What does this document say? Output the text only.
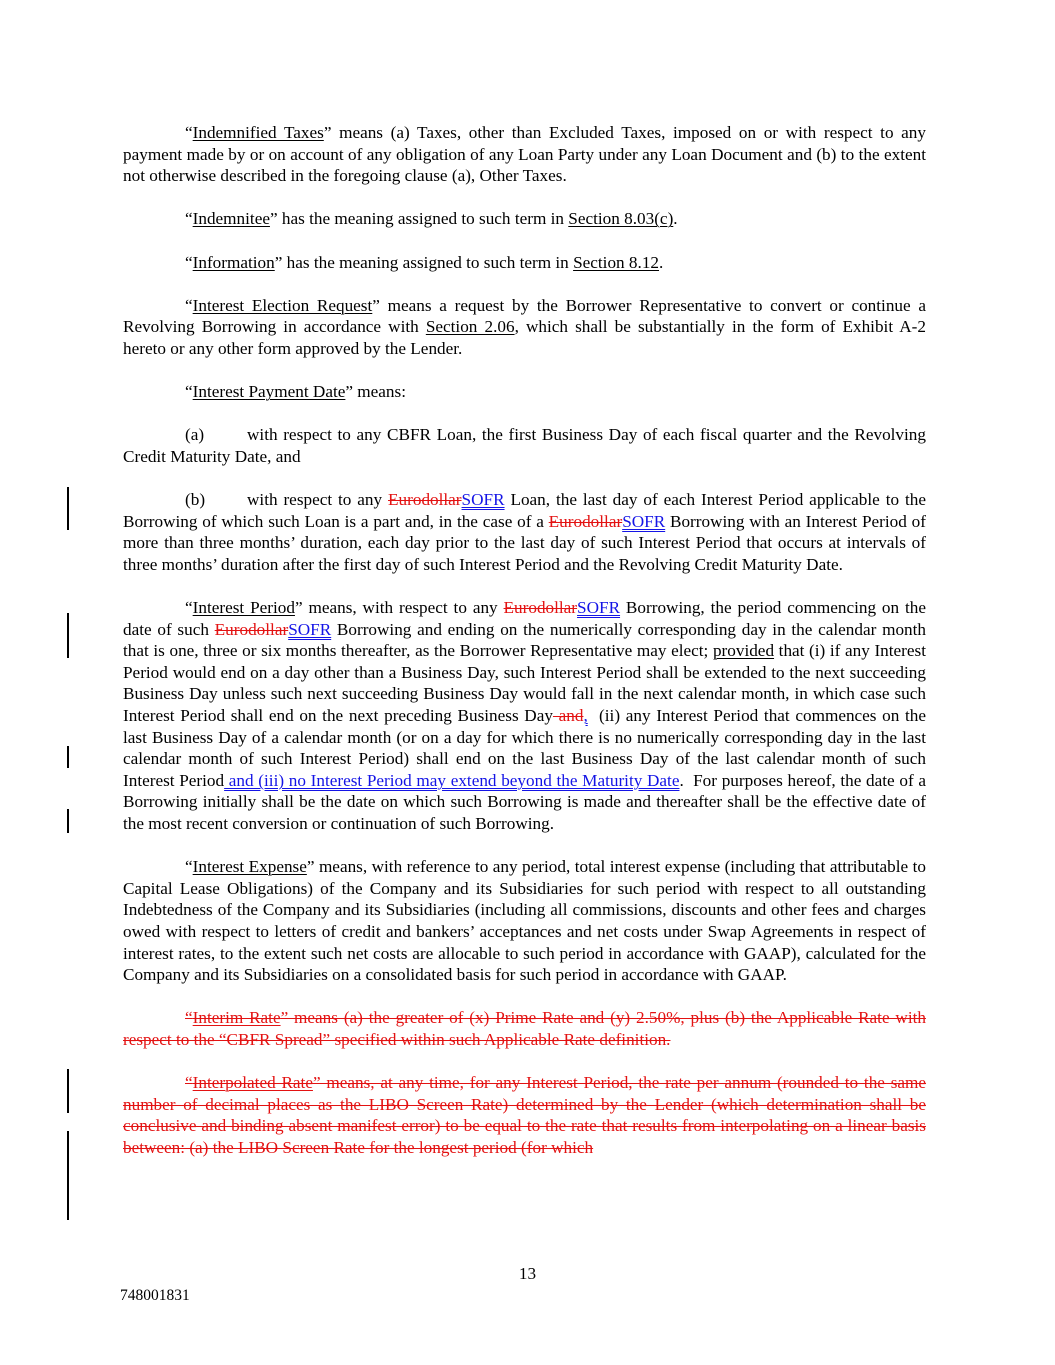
“Indemnified Taxes” means (a) Taxes, other than Excluded Taxes, imposed on or with respect to any payment made by or on account of any obligation of any Loan Party under any Loan Document and (b) to the extent not otherwise described in the foregoing clause (a), Other Taxes.

“Indemnitee” has the meaning assigned to such term in Section 8.03(c).

“Information” has the meaning assigned to such term in Section 8.12.

“Interest Election Request” means a request by the Borrower Representative to convert or continue a Revolving Borrowing in accordance with Section 2.06, which shall be substantially in the form of Exhibit A-2 hereto or any other form approved by the Lender.

“Interest Payment Date” means:

(a) with respect to any CBFR Loan, the first Business Day of each fiscal quarter and the Revolving Credit Maturity Date, and

(b) with respect to any EurodollarSOFR Loan, the last day of each Interest Period applicable to the Borrowing of which such Loan is a part and, in the case of a EurodollarSOFR Borrowing with an Interest Period of more than three months’ duration, each day prior to the last day of such Interest Period that occurs at intervals of three months’ duration after the first day of such Interest Period and the Revolving Credit Maturity Date.

“Interest Period” means, with respect to any EurodollarSOFR Borrowing, the period commencing on the date of such EurodollarSOFR Borrowing and ending on the numerically corresponding day in the calendar month that is one, three or six months thereafter, as the Borrower Representative may elect; provided that (i) if any Interest Period would end on a day other than a Business Day, such Interest Period shall be extended to the next succeeding Business Day unless such next succeeding Business Day would fall in the next calendar month, in which case such Interest Period shall end on the next preceding Business Day and,  (ii) any Interest Period that commences on the last Business Day of a calendar month (or on a day for which there is no numerically corresponding day in the last calendar month of such Interest Period) shall end on the last Business Day of the last calendar month of such Interest Period and (iii) no Interest Period may extend beyond the Maturity Date.  For purposes hereof, the date of a Borrowing initially shall be the date on which such Borrowing is made and thereafter shall be the effective date of the most recent conversion or continuation of such Borrowing.

“Interest Expense” means, with reference to any period, total interest expense (including that attributable to Capital Lease Obligations) of the Company and its Subsidiaries for such period with respect to all outstanding Indebtedness of the Company and its Subsidiaries (including all commissions, discounts and other fees and charges owed with respect to letters of credit and bankers’ acceptances and net costs under Swap Agreements in respect of interest rates, to the extent such net costs are allocable to such period in accordance with GAAP), calculated for the Company and its Subsidiaries on a consolidated basis for such period in accordance with GAAP.

“Interim Rate” means (a) the greater of (x) Prime Rate and (y) 2.50%, plus (b) the Applicable Rate with respect to the “CBFR Spread” specified within such Applicable Rate definition.

“Interpolated Rate” means, at any time, for any Interest Period, the rate per annum (rounded to the same number of decimal places as the LIBO Screen Rate) determined by the Lender (which determination shall be conclusive and binding absent manifest error) to be equal to the rate that results from interpolating on a linear basis between: (a) the LIBO Screen Rate for the longest period (for which

13
748001831
